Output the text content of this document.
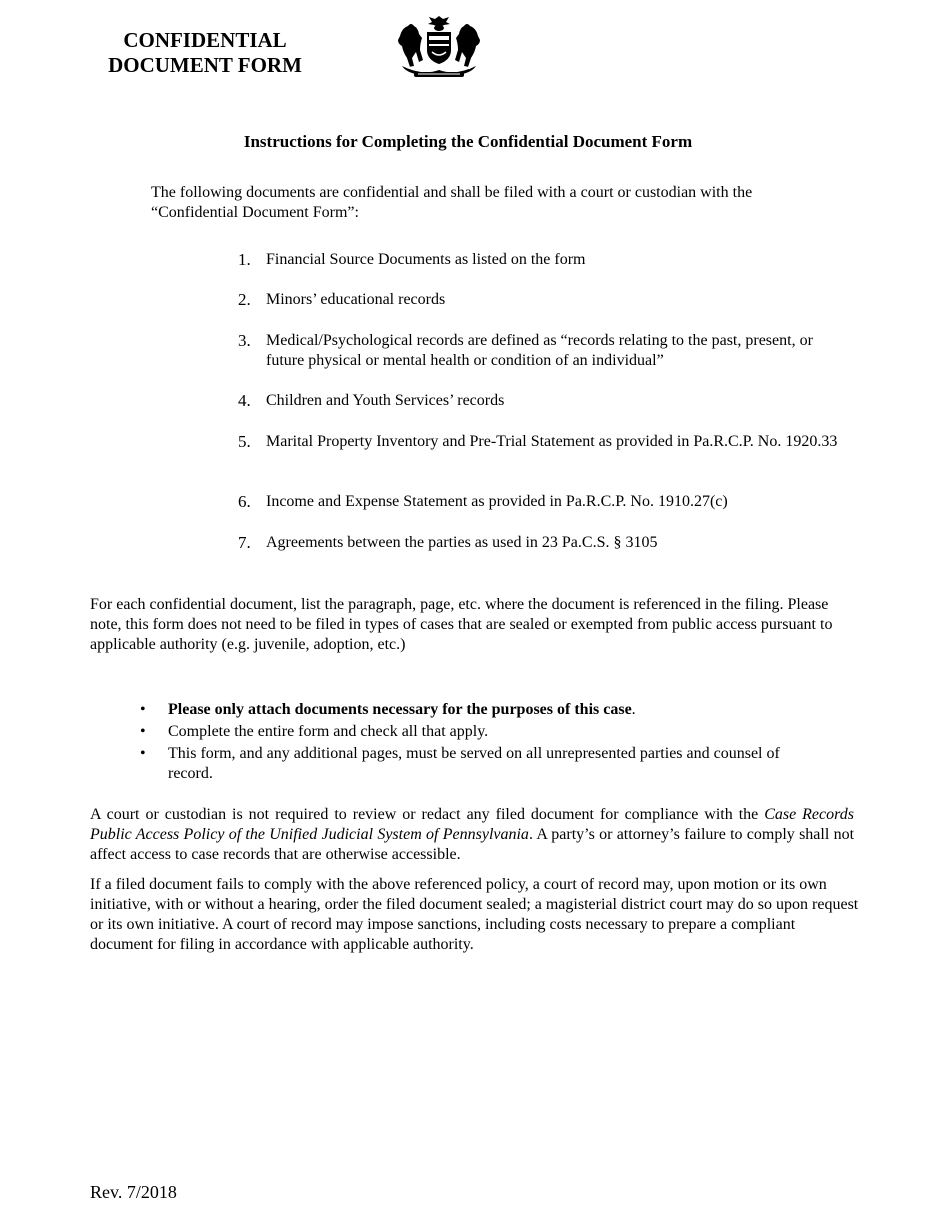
CONFIDENTIAL
DOCUMENT FORM
Instructions for Completing the Confidential Document Form
The following documents are confidential and shall be filed with a court or custodian with the “Confidential Document Form”:
1. Financial Source Documents as listed on the form
2. Minors’ educational records
3. Medical/Psychological records are defined as “records relating to the past, present, or future physical or mental health or condition of an individual”
4. Children and Youth Services’ records
5. Marital Property Inventory and Pre-Trial Statement as provided in Pa.R.C.P. No. 1920.33
6. Income and Expense Statement as provided in Pa.R.C.P. No. 1910.27(c)
7. Agreements between the parties as used in 23 Pa.C.S. § 3105
For each confidential document, list the paragraph, page, etc. where the document is referenced in the filing. Please note, this form does not need to be filed in types of cases that are sealed or exempted from public access pursuant to applicable authority (e.g. juvenile, adoption, etc.)
• Please only attach documents necessary for the purposes of this case.
• Complete the entire form and check all that apply.
• This form, and any additional pages, must be served on all unrepresented parties and counsel of record.
A court or custodian is not required to review or redact any filed document for compliance with the Case Records Public Access Policy of the Unified Judicial System of Pennsylvania. A party’s or attorney’s failure to comply shall not affect access to case records that are otherwise accessible.
If a filed document fails to comply with the above referenced policy, a court of record may, upon motion or its own initiative, with or without a hearing, order the filed document sealed; a magisterial district court may do so upon request or its own initiative. A court of record may impose sanctions, including costs necessary to prepare a compliant document for filing in accordance with applicable authority.
Rev. 7/2018
